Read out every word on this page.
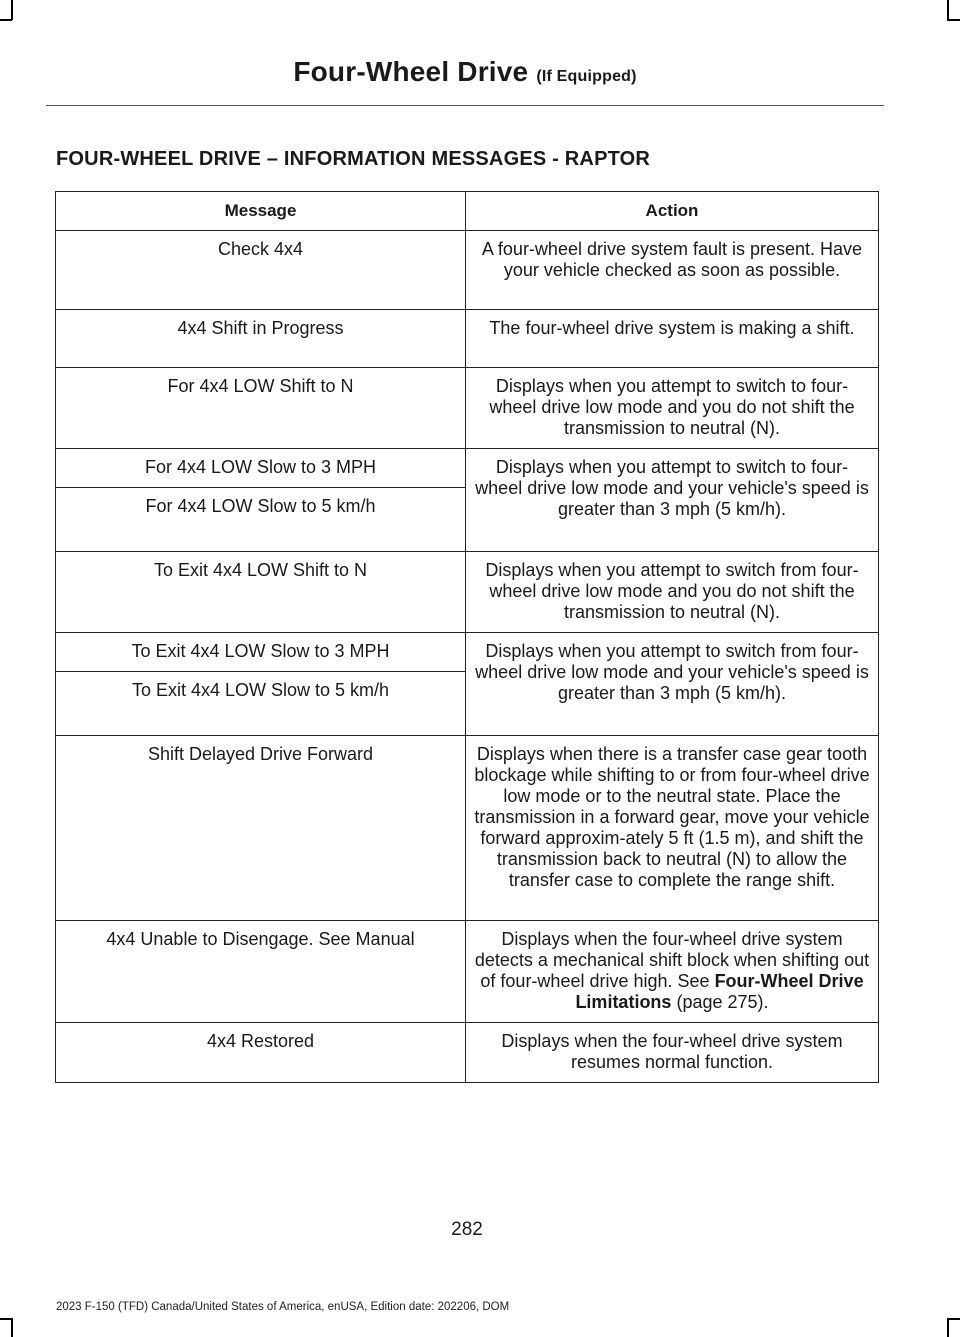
Four-Wheel Drive (If Equipped)
FOUR-WHEEL DRIVE – INFORMATION MESSAGES - RAPTOR
Message	Action
Check 4x4	A four-wheel drive system fault is present. Have your vehicle checked as soon as possible.
4x4 Shift in Progress	The four-wheel drive system is making a shift.
For 4x4 LOW Shift to N	Displays when you attempt to switch to four-wheel drive low mode and you do not shift the transmission to neutral (N).
For 4x4 LOW Slow to 3 MPH	Displays when you attempt to switch to four-wheel drive low mode and your vehicle's speed is greater than 3 mph (5 km/h).
For 4x4 LOW Slow to 5 km/h	
To Exit 4x4 LOW Shift to N	Displays when you attempt to switch from four-wheel drive low mode and you do not shift the transmission to neutral (N).
To Exit 4x4 LOW Slow to 3 MPH	Displays when you attempt to switch from four-wheel drive low mode and your vehicle's speed is greater than 3 mph (5 km/h).
To Exit 4x4 LOW Slow to 5 km/h	
Shift Delayed Drive Forward	Displays when there is a transfer case gear tooth blockage while shifting to or from four-wheel drive low mode or to the neutral state. Place the transmission in a forward gear, move your vehicle forward approxim-ately 5 ft (1.5 m), and shift the transmission back to neutral (N) to allow the transfer case to complete the range shift.
4x4 Unable to Disengage. See Manual	Displays when the four-wheel drive system detects a mechanical shift block when shifting out of four-wheel drive high. See Four-Wheel Drive Limitations (page 275).
4x4 Restored	Displays when the four-wheel drive system resumes normal function.
282
2023 F-150 (TFD) Canada/United States of America, enUSA, Edition date: 202206, DOM
